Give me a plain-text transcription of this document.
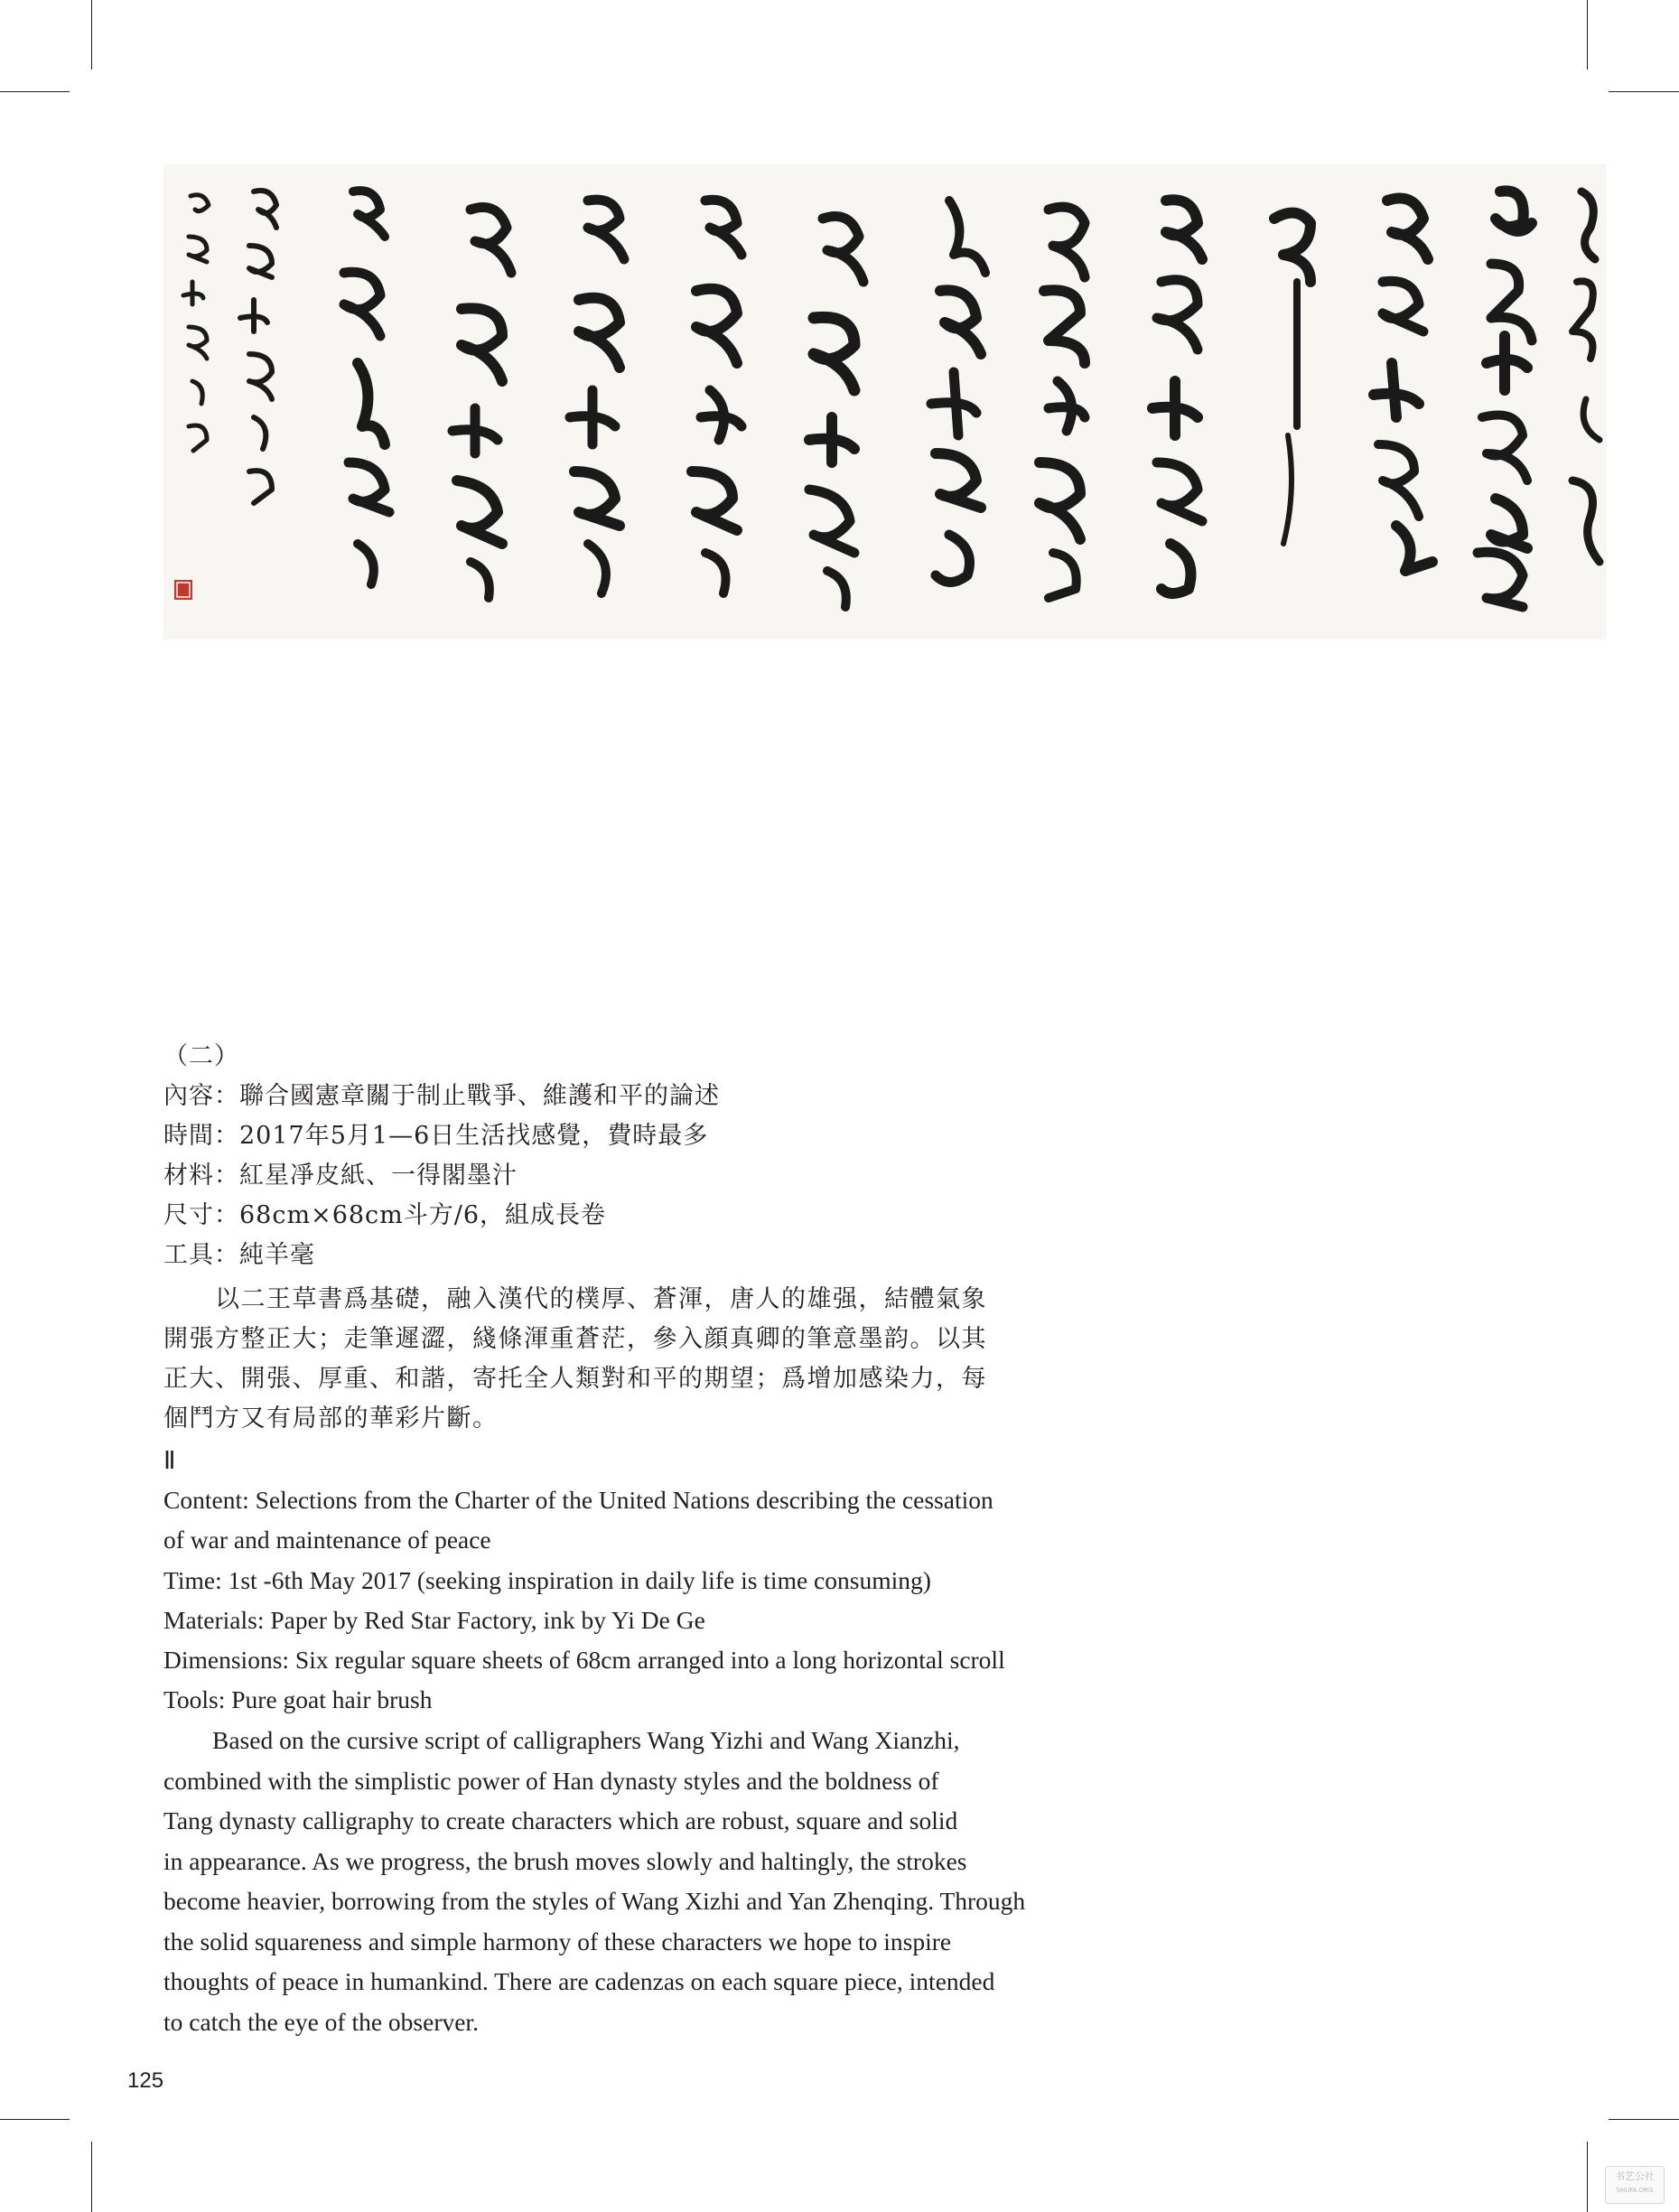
（二）
內容：聯合國憲章關于制止戰爭、維護和平的論述
時間：2017年5月1—6日生活找感覺，費時最多
材料：紅星凈皮紙、一得閣墨汁
尺寸：68cm×68cm斗方/6，組成長卷
工具：純羊毫
　　以二王草書爲基礎，融入漢代的樸厚、蒼渾，唐人的雄强，結體氣象
開張方整正大；走筆遲澀，綫條渾重蒼茫，參入顔真卿的筆意墨韵。以其
正大、開張、厚重、和諧，寄托全人類對和平的期望；爲增加感染力，每
個鬥方又有局部的華彩片斷。
Ⅱ
Content: Selections from the Charter of the United Nations describing the cessation
of war and maintenance of peace
Time: 1st -6th May 2017 (seeking inspiration in daily life is time consuming)
Materials: Paper by Red Star Factory, ink by Yi De Ge
Dimensions: Six regular square sheets of 68cm arranged into a long horizontal scroll
Tools: Pure goat hair brush
Based on the cursive script of calligraphers Wang Yizhi and Wang Xianzhi,
combined with the simplistic power of Han dynasty styles and the boldness of
Tang dynasty calligraphy to create characters which are robust, square and solid
in appearance. As we progress, the brush moves slowly and haltingly, the strokes
become heavier, borrowing from the styles of Wang Xizhi and Yan Zhenqing. Through
the solid squareness and simple harmony of these characters we hope to inspire
thoughts of peace in humankind. There are cadenzas on each square piece, intended
to catch the eye of the observer.
125
书艺公社
SHUFA.ORG
